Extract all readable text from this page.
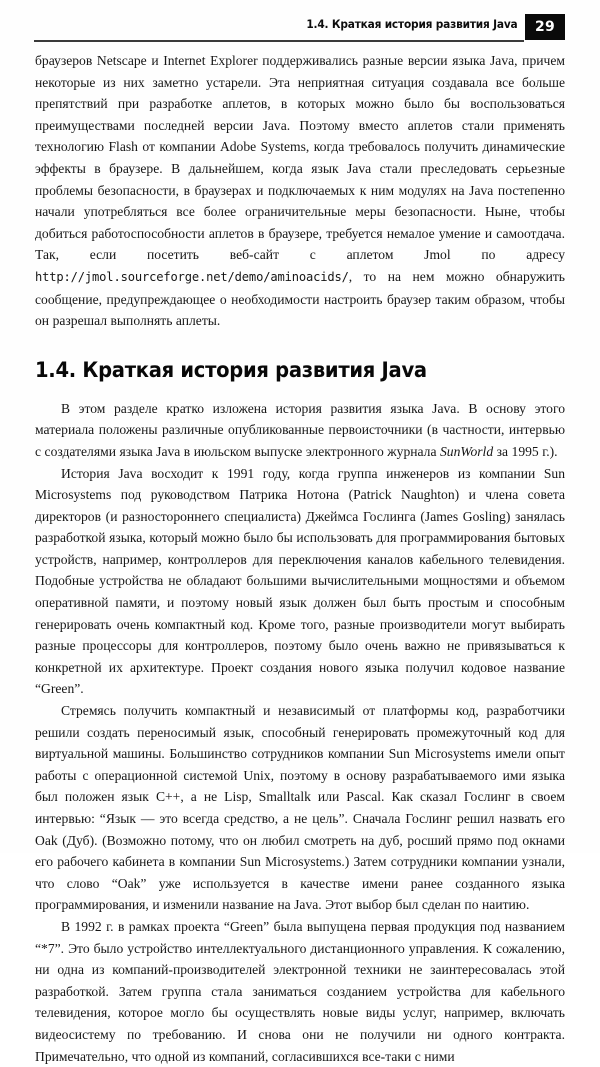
1.4. Краткая история развития Java	29

браузеров Netscape и Internet Explorer поддерживались разные версии языка Java, причем некоторые из них заметно устарели. Эта неприятная ситуация создавала все больше препятствий при разработке аплетов, в которых можно было бы воспользоваться преимуществами последней версии Java. Поэтому вместо аплетов стали применять технологию Flash от компании Adobe Systems, когда требовалось получить динамические эффекты в браузере. В дальнейшем, когда язык Java стали преследовать серьезные проблемы безопасности, в браузерах и подключаемых к ним модулях на Java постепенно начали употребляться все более ограничительные меры безопасности. Ныне, чтобы добиться работоспособности аплетов в браузере, требуется немалое умение и самоотдача. Так, если посетить веб-сайт с аплетом Jmol по адресу http://jmol.sourceforge.net/demo/aminoacids/, то на нем можно обнаружить сообщение, предупреждающее о необходимости настроить браузер таким образом, чтобы он разрешал выполнять аплеты.

1.4. Краткая история развития Java

В этом разделе кратко изложена история развития языка Java. В основу этого материала положены различные опубликованные первоисточники (в частности, интервью с создателями языка Java в июльском выпуске электронного журнала SunWorld за 1995 г.).

История Java восходит к 1991 году, когда группа инженеров из компании Sun Microsystems под руководством Патрика Нотона (Patrick Naughton) и члена совета директоров (и разностороннего специалиста) Джеймса Гослинга (James Gosling) занялась разработкой языка, который можно было бы использовать для программирования бытовых устройств, например, контроллеров для переключения каналов кабельного телевидения. Подобные устройства не обладают большими вычислительными мощностями и объемом оперативной памяти, и поэтому новый язык должен был быть простым и способным генерировать очень компактный код. Кроме того, разные производители могут выбирать разные процессоры для контроллеров, поэтому было очень важно не привязываться к конкретной их архитектуре. Проект создания нового языка получил кодовое название “Green”.

Стремясь получить компактный и независимый от платформы код, разработчики решили создать переносимый язык, способный генерировать промежуточный код для виртуальной машины. Большинство сотрудников компании Sun Microsystems имели опыт работы с операционной системой Unix, поэтому в основу разрабатываемого ими языка был положен язык C++, а не Lisp, Smalltalk или Pascal. Как сказал Гослинг в своем интервью: “Язык — это всегда средство, а не цель”. Сначала Гослинг решил назвать его Oak (Дуб). (Возможно потому, что он любил смотреть на дуб, росший прямо под окнами его рабочего кабинета в компании Sun Microsystems.) Затем сотрудники компании узнали, что слово “Oak” уже используется в качестве имени ранее созданного языка программирования, и изменили название на Java. Этот выбор был сделан по наитию.

В 1992 г. в рамках проекта “Green” была выпущена первая продукция под названием “*7”. Это было устройство интеллектуального дистанционного управления. К сожалению, ни одна из компаний-производителей электронной техники не заинтересовалась этой разработкой. Затем группа стала заниматься созданием устройства для кабельного телевидения, которое могло бы осуществлять новые виды услуг, например, включать видеосистему по требованию. И снова они не получили ни одного контракта. Примечательно, что одной из компаний, согласившихся все-таки с ними
